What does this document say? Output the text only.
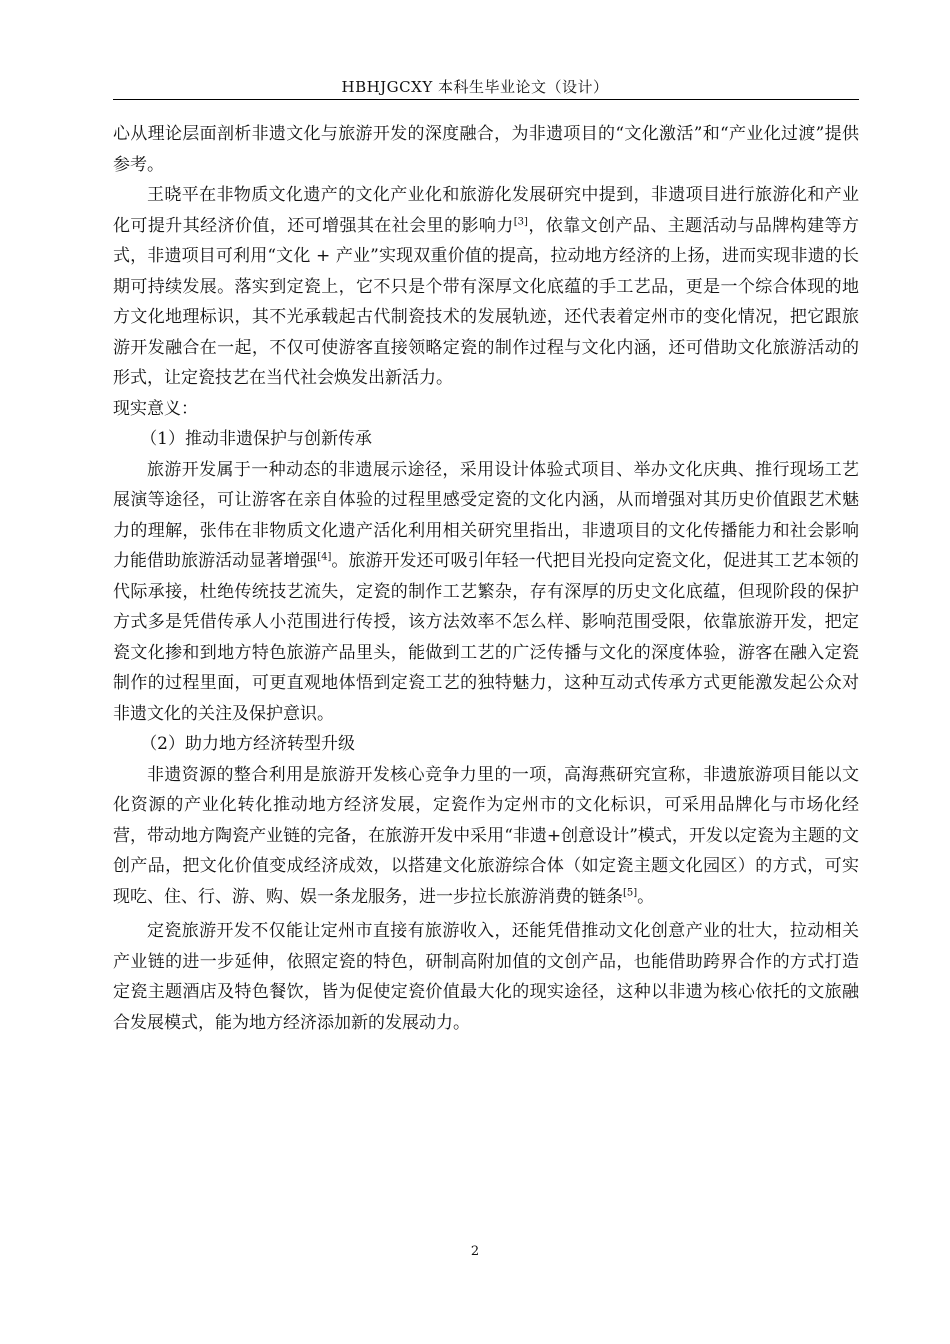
HBHJGCXY 本科生毕业论文（设计）

心从理论层面剖析非遗文化与旅游开发的深度融合，为非遗项目的“文化激活”和“产业化过渡”提供参考。

王晓平在非物质文化遗产的文化产业化和旅游化发展研究中提到，非遗项目进行旅游化和产业化可提升其经济价值，还可增强其在社会里的影响力[3]，依靠文创产品、主题活动与品牌构建等方式，非遗项目可利用“文化 + 产业”实现双重价值的提高，拉动地方经济的上扬，进而实现非遗的长期可持续发展。落实到定瓷上，它不只是个带有深厚文化底蕴的手工艺品，更是一个综合体现的地方文化地理标识，其不光承载起古代制瓷技术的发展轨迹，还代表着定州市的变化情况，把它跟旅游开发融合在一起，不仅可使游客直接领略定瓷的制作过程与文化内涵，还可借助文化旅游活动的形式，让定瓷技艺在当代社会焕发出新活力。

现实意义：

（1）推动非遗保护与创新传承

旅游开发属于一种动态的非遗展示途径，采用设计体验式项目、举办文化庆典、推行现场工艺展演等途径，可让游客在亲自体验的过程里感受定瓷的文化内涵，从而增强对其历史价值跟艺术魅力的理解，张伟在非物质文化遗产活化利用相关研究里指出，非遗项目的文化传播能力和社会影响力能借助旅游活动显著增强[4]。旅游开发还可吸引年轻一代把目光投向定瓷文化，促进其工艺本领的代际承接，杜绝传统技艺流失，定瓷的制作工艺繁杂，存有深厚的历史文化底蕴，但现阶段的保护方式多是凭借传承人小范围进行传授，该方法效率不怎么样、影响范围受限，依靠旅游开发，把定瓷文化掺和到地方特色旅游产品里头，能做到工艺的广泛传播与文化的深度体验，游客在融入定瓷制作的过程里面，可更直观地体悟到定瓷工艺的独特魅力，这种互动式传承方式更能激发起公众对非遗文化的关注及保护意识。

（2）助力地方经济转型升级

非遗资源的整合利用是旅游开发核心竞争力里的一项，高海燕研究宣称，非遗旅游项目能以文化资源的产业化转化推动地方经济发展，定瓷作为定州市的文化标识，可采用品牌化与市场化经营，带动地方陶瓷产业链的完备，在旅游开发中采用“非遗+创意设计”模式，开发以定瓷为主题的文创产品，把文化价值变成经济成效，以搭建文化旅游综合体（如定瓷主题文化园区）的方式，可实现吃、住、行、游、购、娱一条龙服务，进一步拉长旅游消费的链条[5]。

定瓷旅游开发不仅能让定州市直接有旅游收入，还能凭借推动文化创意产业的壮大，拉动相关产业链的进一步延伸，依照定瓷的特色，研制高附加值的文创产品，也能借助跨界合作的方式打造定瓷主题酒店及特色餐饮，皆为促使定瓷价值最大化的现实途径，这种以非遗为核心依托的文旅融合发展模式，能为地方经济添加新的发展动力。

2
